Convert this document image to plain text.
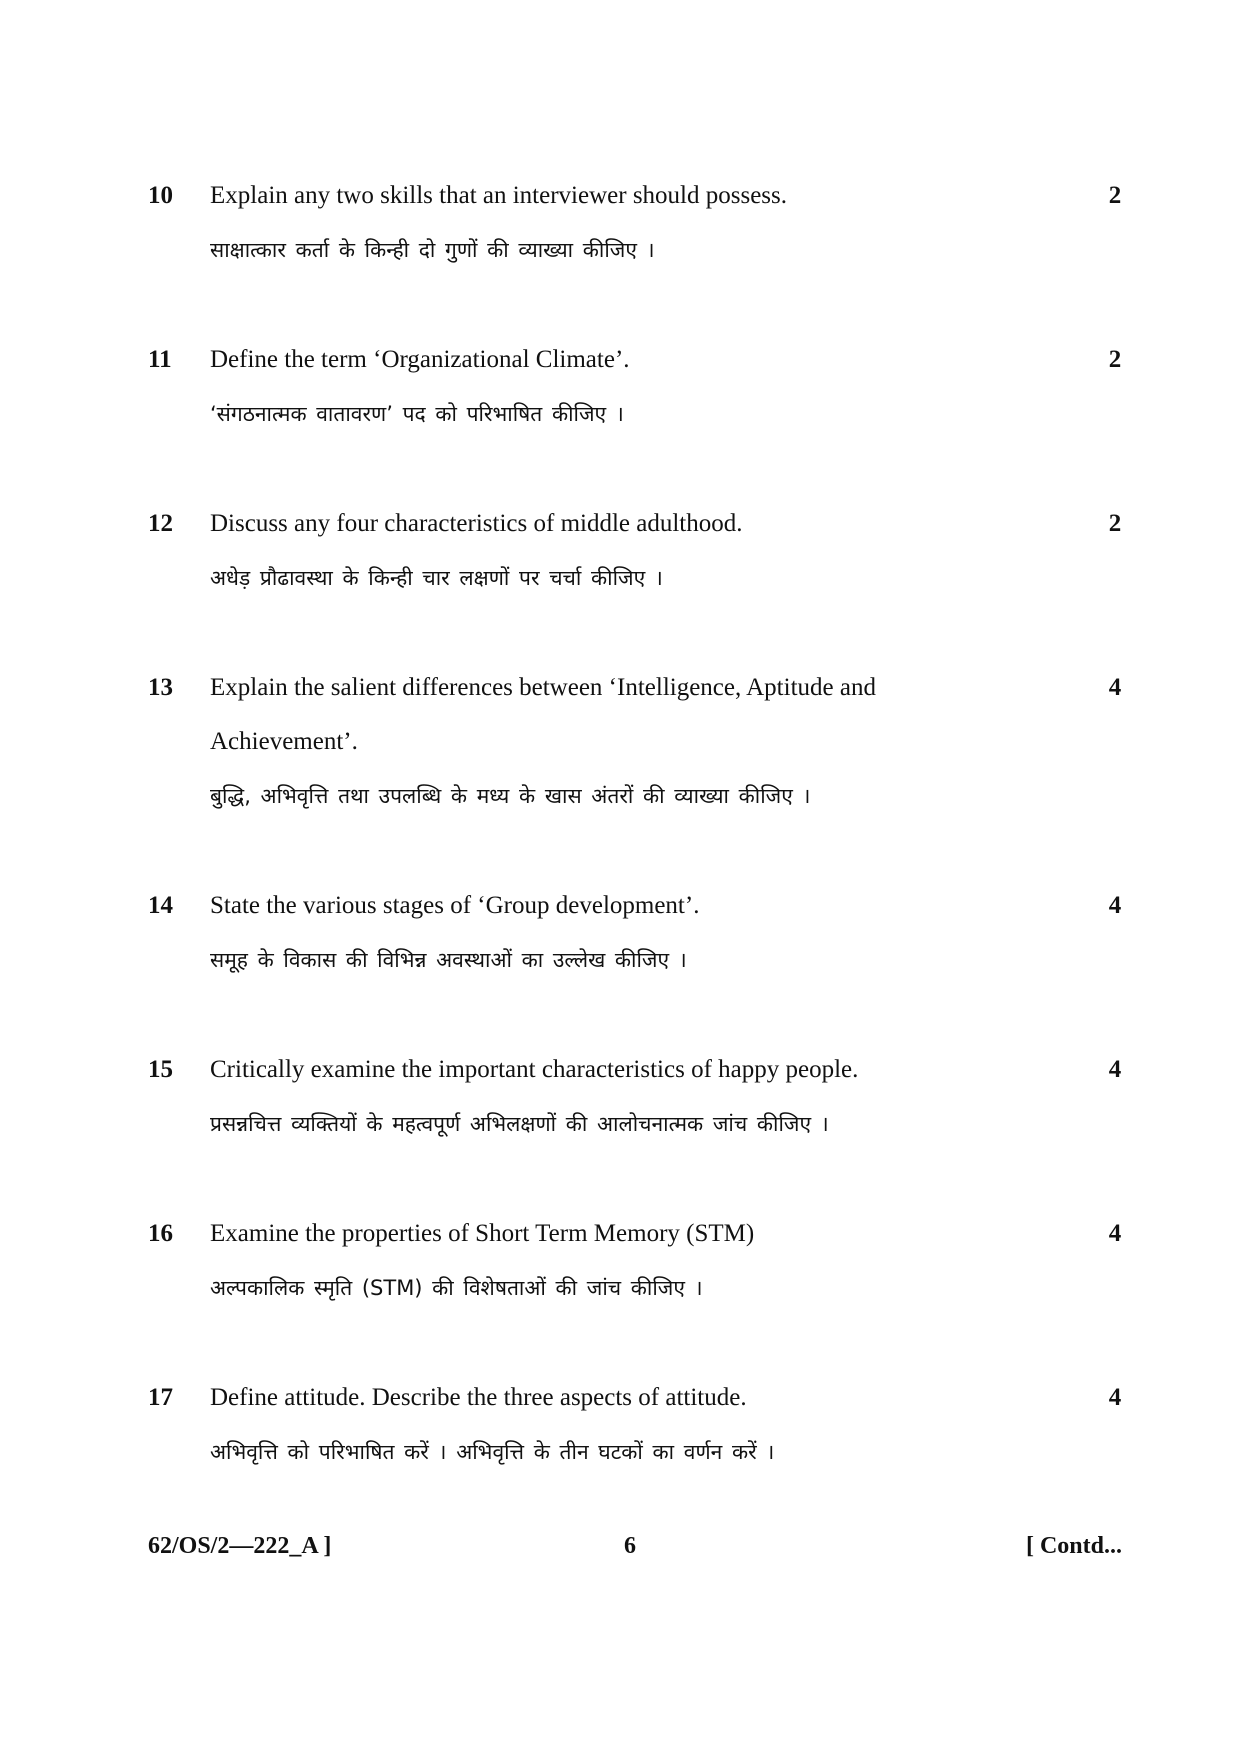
10	Explain any two skills that an interviewer should possess.
साक्षात्कार कर्ता के किन्ही दो गुणों की व्याख्या कीजिए ।
2
11	Define the term ‘Organizational Climate’.
‘संगठनात्मक वातावरण’ पद को परिभाषित कीजिए ।
2
12	Discuss any four characteristics of middle adulthood.
अधेड़ प्रौढावस्था के किन्ही चार लक्षणों पर चर्चा कीजिए ।
2
13	Explain the salient differences between ‘Intelligence, Aptitude and Achievement’.
बुद्धि, अभिवृत्ति तथा उपलब्धि के मध्य के खास अंतरों की व्याख्या कीजिए ।
4
14	State the various stages of ‘Group development’.
समूह के विकास की विभिन्न अवस्थाओं का उल्लेख कीजिए ।
4
15	Critically examine the important characteristics of happy people.
प्रसन्नचित्त व्यक्तियों के महत्वपूर्ण अभिलक्षणों की आलोचनात्मक जांच कीजिए ।
4
16	Examine the properties of Short Term Memory (STM)
अल्पकालिक स्मृति (STM) की विशेषताओं की जांच कीजिए ।
4
17	Define attitude. Describe the three aspects of attitude.
अभिवृत्ति को परिभाषित करें । अभिवृत्ति के तीन घटकों का वर्णन करें ।
4
62/OS/2—222_A ]	6	[ Contd...
